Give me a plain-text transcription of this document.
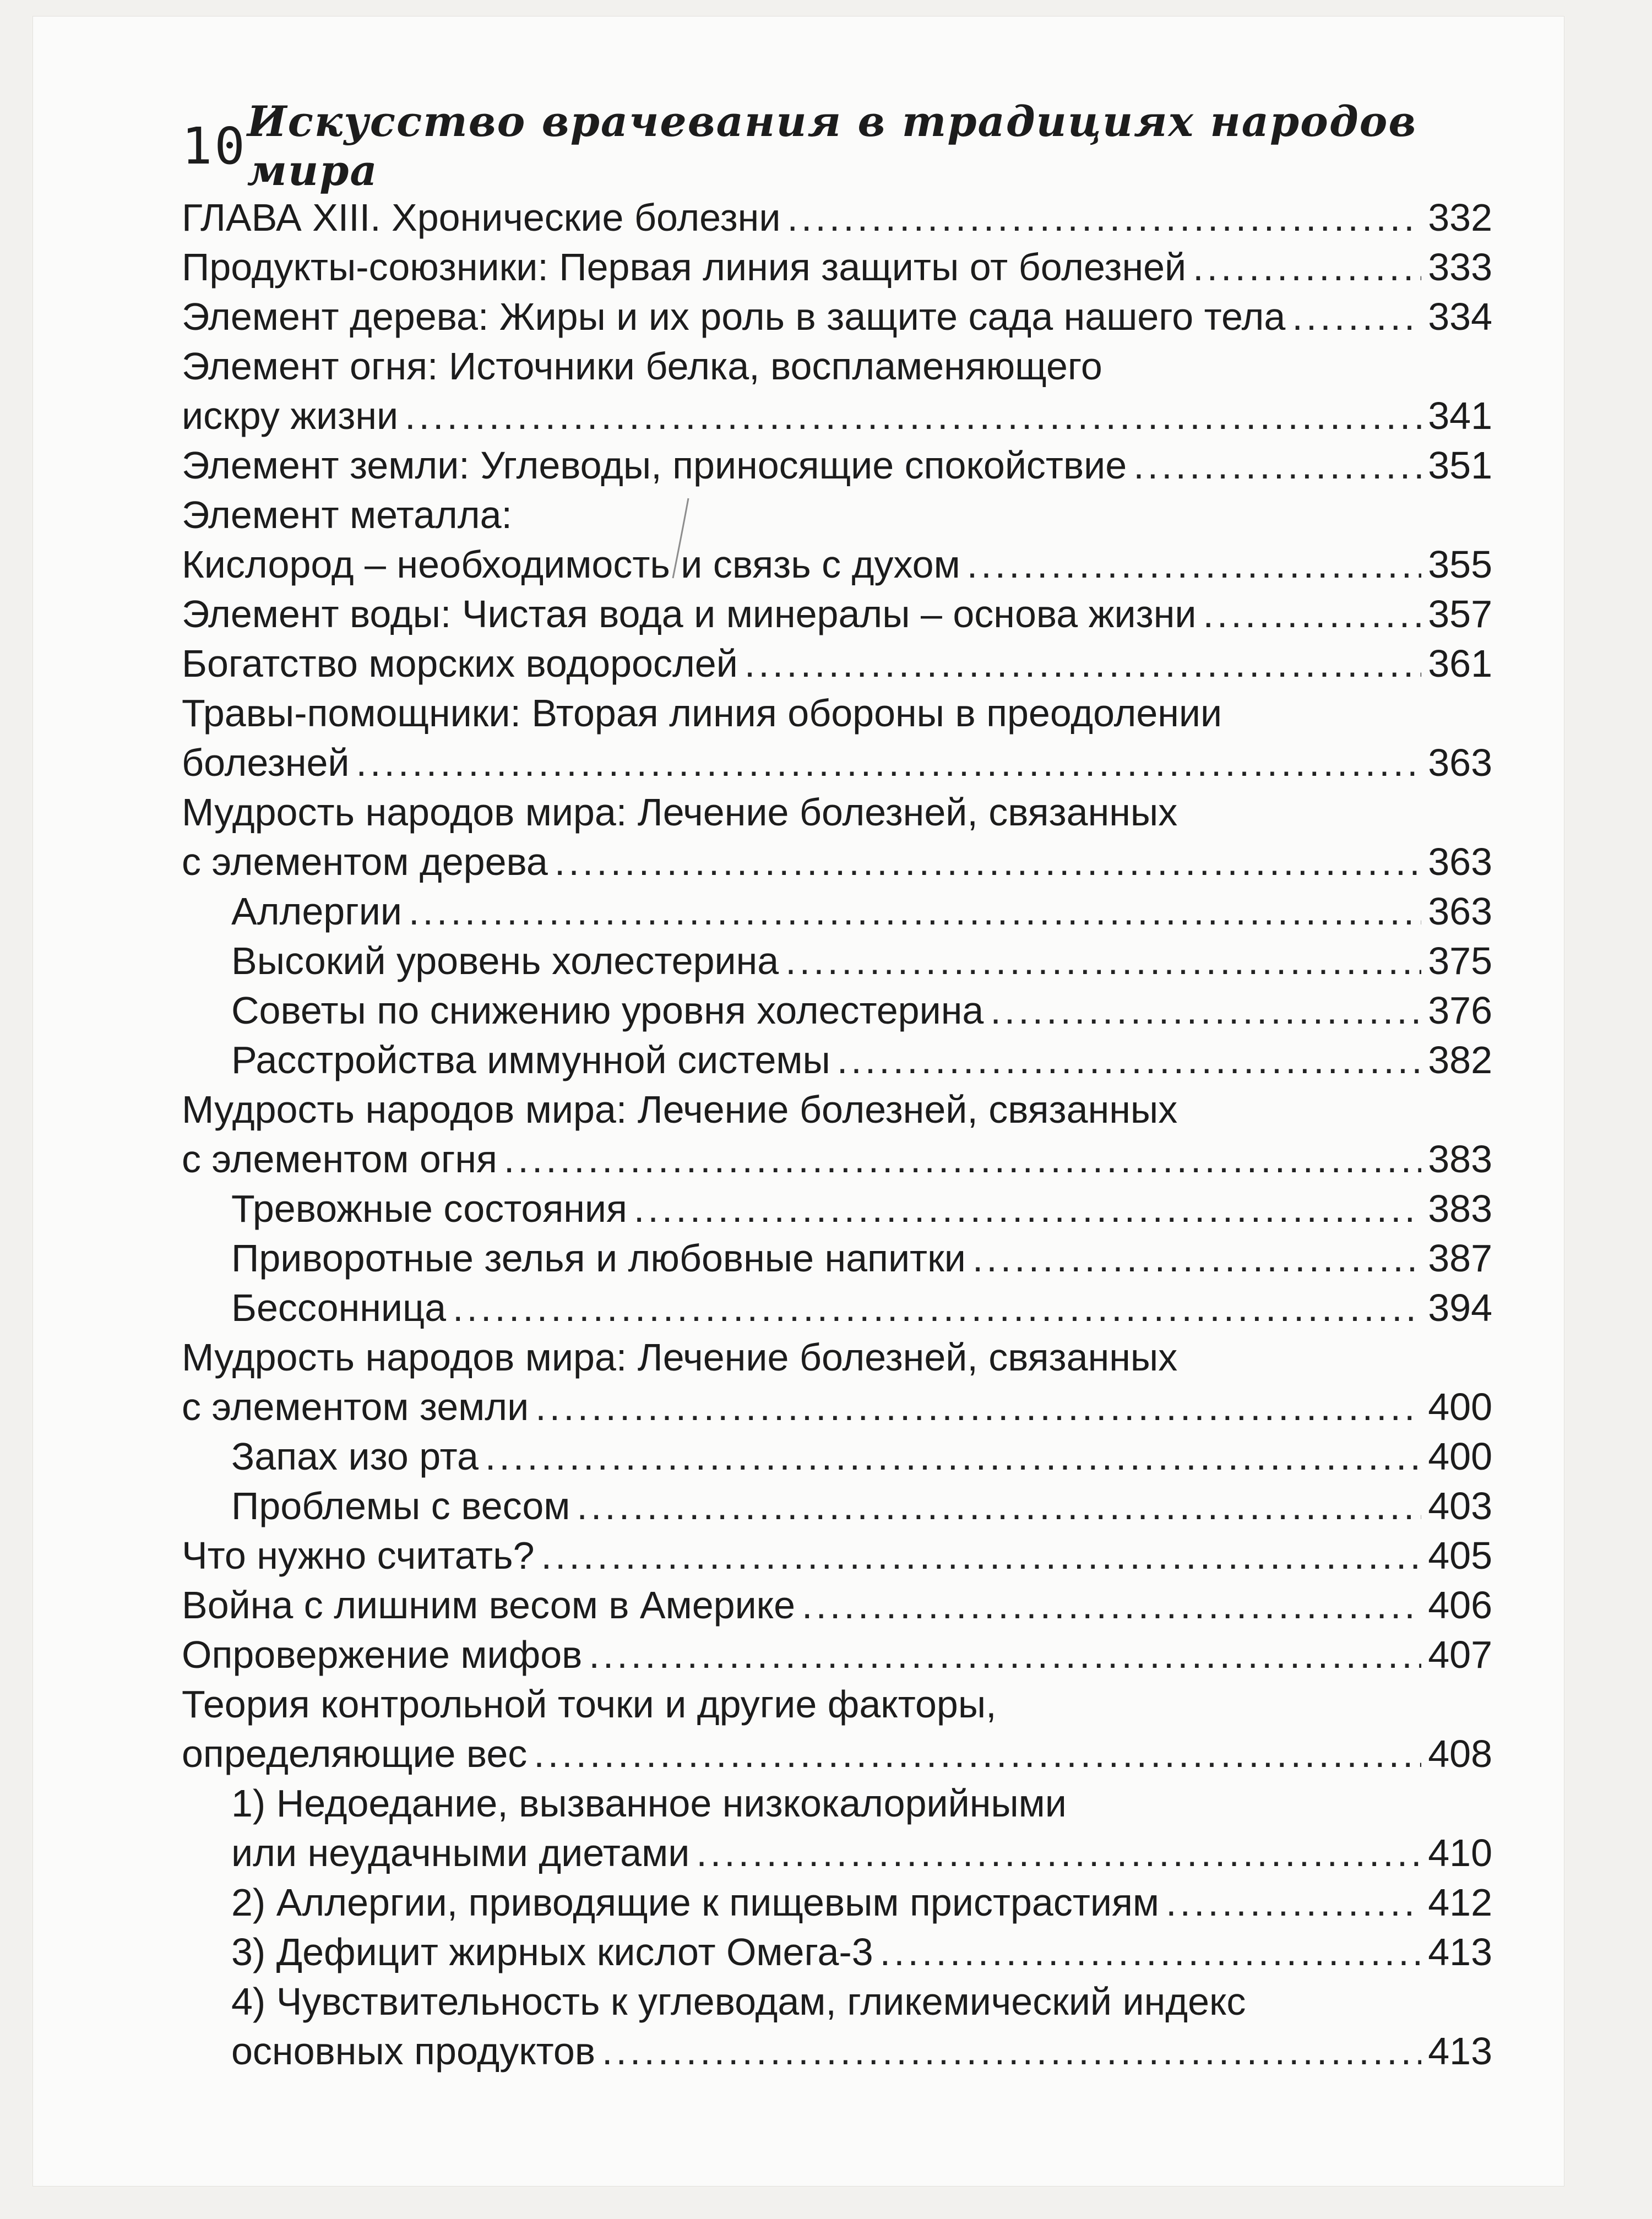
10 Искусство врачевания в традициях народов мира
ГЛАВА XIII. Хронические болезни .....	332
Продукты-союзники: Первая линия защиты от болезней .....	333
Элемент дерева: Жиры и их роль в защите сада нашего тела .....	334
Элемент огня: Источники белка, воспламеняющего
искру жизни .....	341
Элемент земли: Углеводы, приносящие спокойствие .....	351
Элемент металла:
Кислород – необходимость и связь с духом .....	355
Элемент воды: Чистая вода и минералы – основа жизни .....	357
Богатство морских водорослей .....	361
Травы-помощники: Вторая линия обороны в преодолении
болезней .....	363
Мудрость народов мира: Лечение болезней, связанных
с элементом дерева .....	363
Аллергии .....	363
Высокий уровень холестерина .....	375
Советы по снижению уровня холестерина .....	376
Расстройства иммунной системы .....	382
Мудрость народов мира: Лечение болезней, связанных
с элементом огня .....	383
Тревожные состояния .....	383
Приворотные зелья и любовные напитки .....	387
Бессонница .....	394
Мудрость народов мира: Лечение болезней, связанных
с элементом земли .....	400
Запах изо рта .....	400
Проблемы с весом .....	403
Что нужно считать? .....	405
Война с лишним весом в Америке .....	406
Опровержение мифов .....	407
Теория контрольной точки и другие факторы,
определяющие вес .....	408
1) Недоедание, вызванное низкокалорийными
или неудачными диетами .....	410
2) Аллергии, приводящие к пищевым пристрастиям .....	412
3) Дефицит жирных кислот Омега-3 .....	413
4) Чувствительность к углеводам, гликемический индекс
основных продуктов .....	413
